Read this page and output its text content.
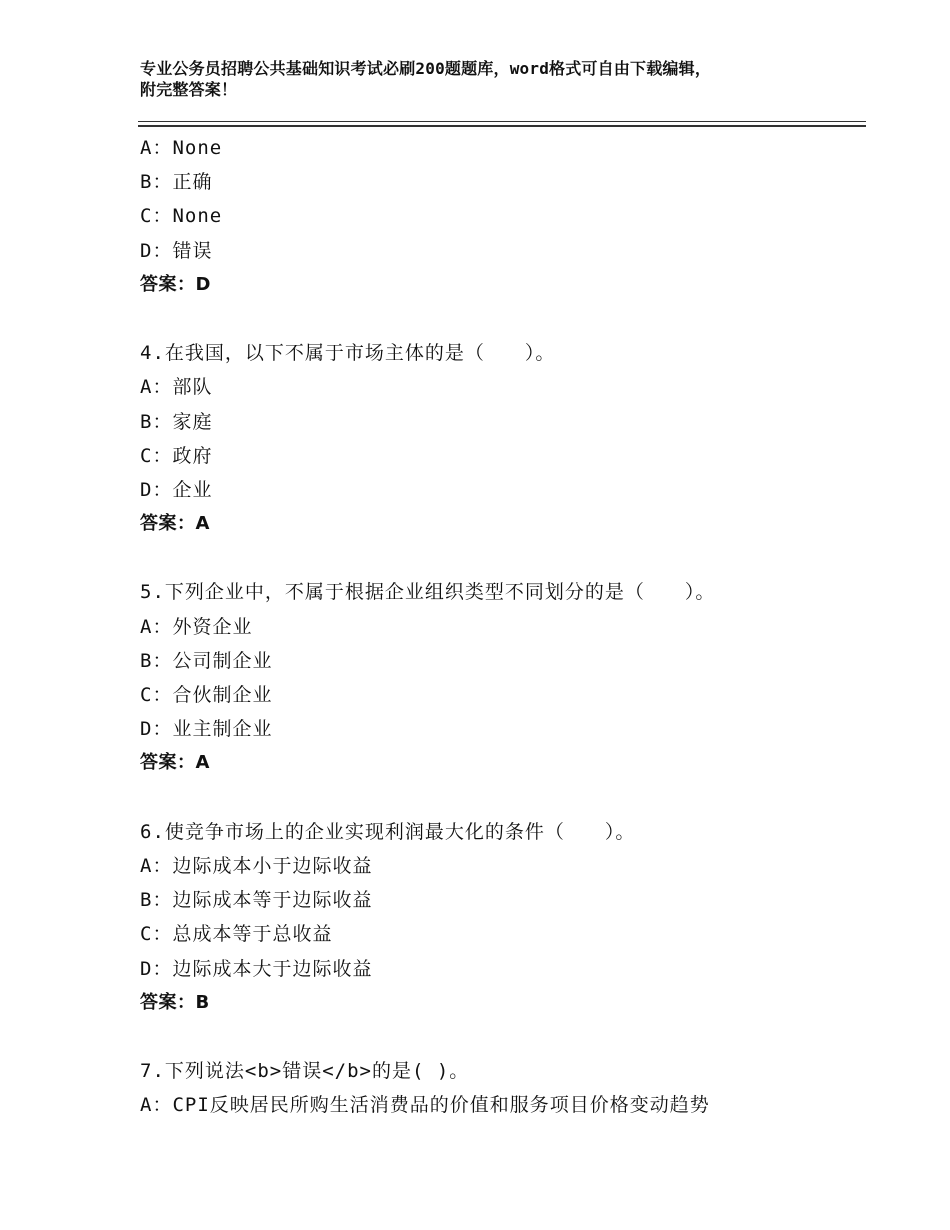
专业公务员招聘公共基础知识考试必刷200题题库，word格式可自由下载编辑，
附完整答案！
A：None
B：正确
C：None
D：错误
答案：D
4.在我国，以下不属于市场主体的是（　　）。
A：部队
B：家庭
C：政府
D：企业
答案：A
5.下列企业中，不属于根据企业组织类型不同划分的是（　　）。
A：外资企业
B：公司制企业
C：合伙制企业
D：业主制企业
答案：A
6.使竞争市场上的企业实现利润最大化的条件（　　）。
A：边际成本小于边际收益
B：边际成本等于边际收益
C：总成本等于总收益
D：边际成本大于边际收益
答案：B
7.下列说法<b>错误</b>的是( )。
A：CPI反映居民所购生活消费品的价值和服务项目价格变动趋势
